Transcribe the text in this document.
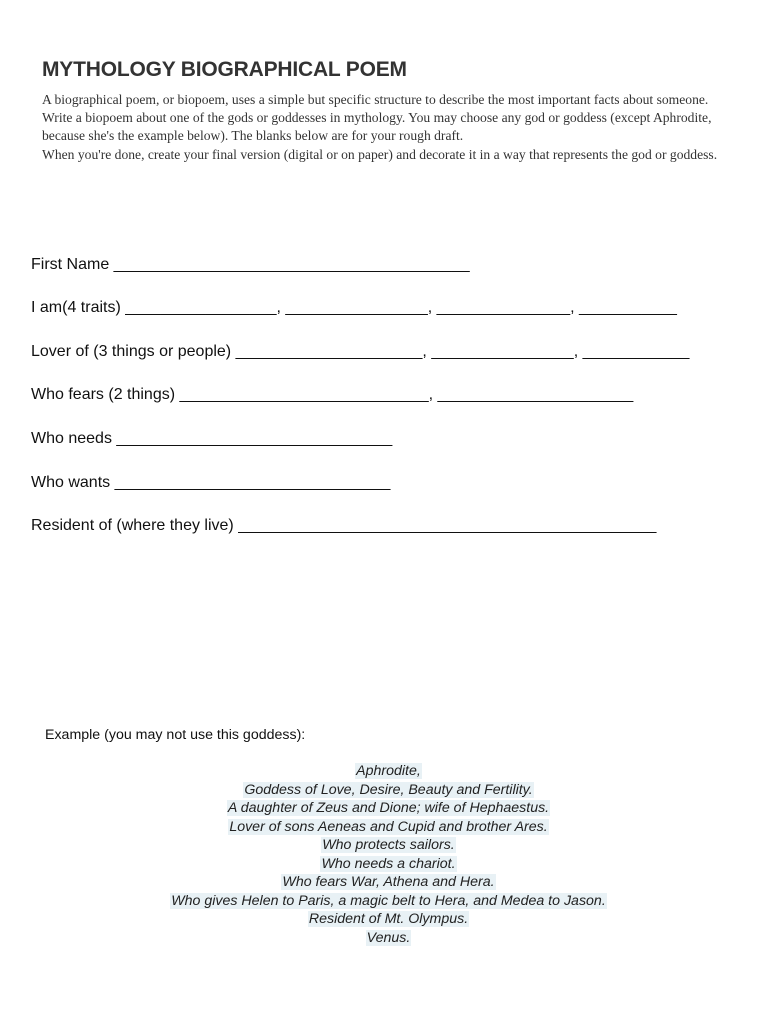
MYTHOLOGY BIOGRAPHICAL POEM

A biographical poem, or biopoem, uses a simple but specific structure to describe the most important facts about someone.

Write a biopoem about one of the gods or goddesses in mythology. You may choose any god or goddess (except Aphrodite, because she's the example below). The blanks below are for your rough draft.

When you're done, create your final version (digital or on paper) and decorate it in a way that represents the god or goddess.

First Name ________________________________________

I am(4 traits) _________________, ________________, _______________, ___________

Lover of (3 things or people) _____________________, ________________, ____________

Who fears (2 things) ____________________________, ______________________

Who needs _______________________________

Who wants _______________________________

Resident of (where they live) _______________________________________________

Example (you may not use this goddess):
Aphrodite,
Goddess of Love, Desire, Beauty and Fertility.
A daughter of Zeus and Dione; wife of Hephaestus.
Lover of sons Aeneas and Cupid and brother Ares.
Who protects sailors.
Who needs a chariot.
Who fears War, Athena and Hera.
Who gives Helen to Paris, a magic belt to Hera, and Medea to Jason.
Resident of Mt. Olympus.
Venus.
